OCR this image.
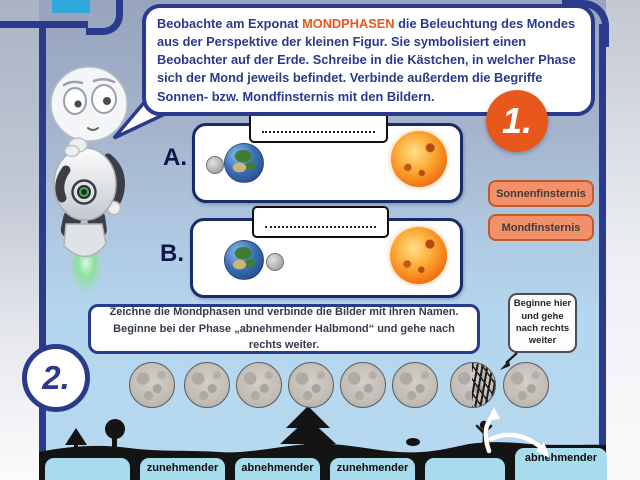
Beobachte am Exponat MONDPHASEN die Beleuchtung des Mondes aus der Perspektive der kleinen Figur. Sie symbolisiert einen Beobachter auf der Erde. Schreibe in die Kästchen, in welcher Phase sich der Mond jeweils befindet. Verbinde außerdem die Begriffe Sonnen- bzw. Mondfinsternis mit den Bildern.

1.
A.
B.
Sonnenfinsternis
Mondfinsternis

Zeichne die Mondphasen und verbinde die Bilder mit ihren Namen. Beginne bei der Phase „abnehmender Halbmond“ und gehe nach rechts weiter.

2.

Beginne hier und gehe nach rechts weiter

zunehmender	abnehmender	zunehmender
abnehmender
